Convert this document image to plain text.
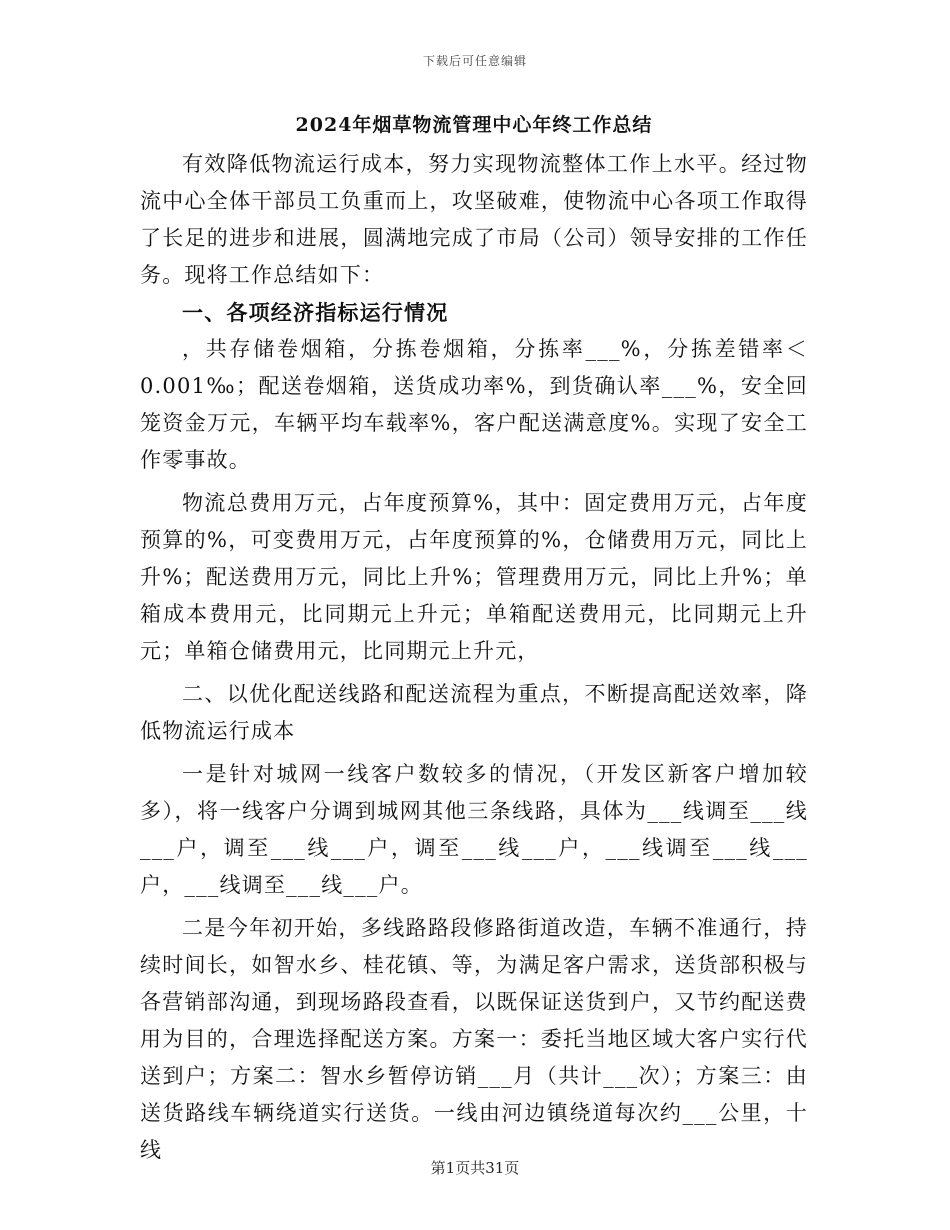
下载后可任意编辑
2024年烟草物流管理中心年终工作总结

有效降低物流运行成本，努力实现物流整体工作上水平。经过物流中心全体干部员工负重而上，攻坚破难，使物流中心各项工作取得了长足的进步和进展，圆满地完成了市局（公司）领导安排的工作任务。现将工作总结如下：

一、各项经济指标运行情况

，共存储卷烟箱，分拣卷烟箱，分拣率___%，分拣差错率＜0.001‰；配送卷烟箱，送货成功率%，到货确认率___%，安全回笼资金万元，车辆平均车载率%，客户配送满意度%。实现了安全工作零事故。

物流总费用万元，占年度预算%，其中：固定费用万元，占年度预算的%，可变费用万元，占年度预算的%，仓储费用万元，同比上升%；配送费用万元，同比上升%；管理费用万元，同比上升%；单箱成本费用元，比同期元上升元；单箱配送费用元，比同期元上升元；单箱仓储费用元，比同期元上升元，

二、以优化配送线路和配送流程为重点，不断提高配送效率，降低物流运行成本

一是针对城网一线客户数较多的情况，（开发区新客户增加较多），将一线客户分调到城网其他三条线路，具体为___线调至___线___户，调至___线___户，调至___线___户，___线调至___线___户，___线调至___线___户。

二是今年初开始，多线路路段修路街道改造，车辆不准通行，持续时间长，如智水乡、桂花镇、等，为满足客户需求，送货部积极与各营销部沟通，到现场路段查看，以既保证送货到户，又节约配送费用为目的，合理选择配送方案。方案一：委托当地区域大客户实行代送到户；方案二：智水乡暂停访销___月（共计___次）；方案三：由送货路线车辆绕道实行送货。一线由河边镇绕道每次约___公里，十线

第1页共31页
